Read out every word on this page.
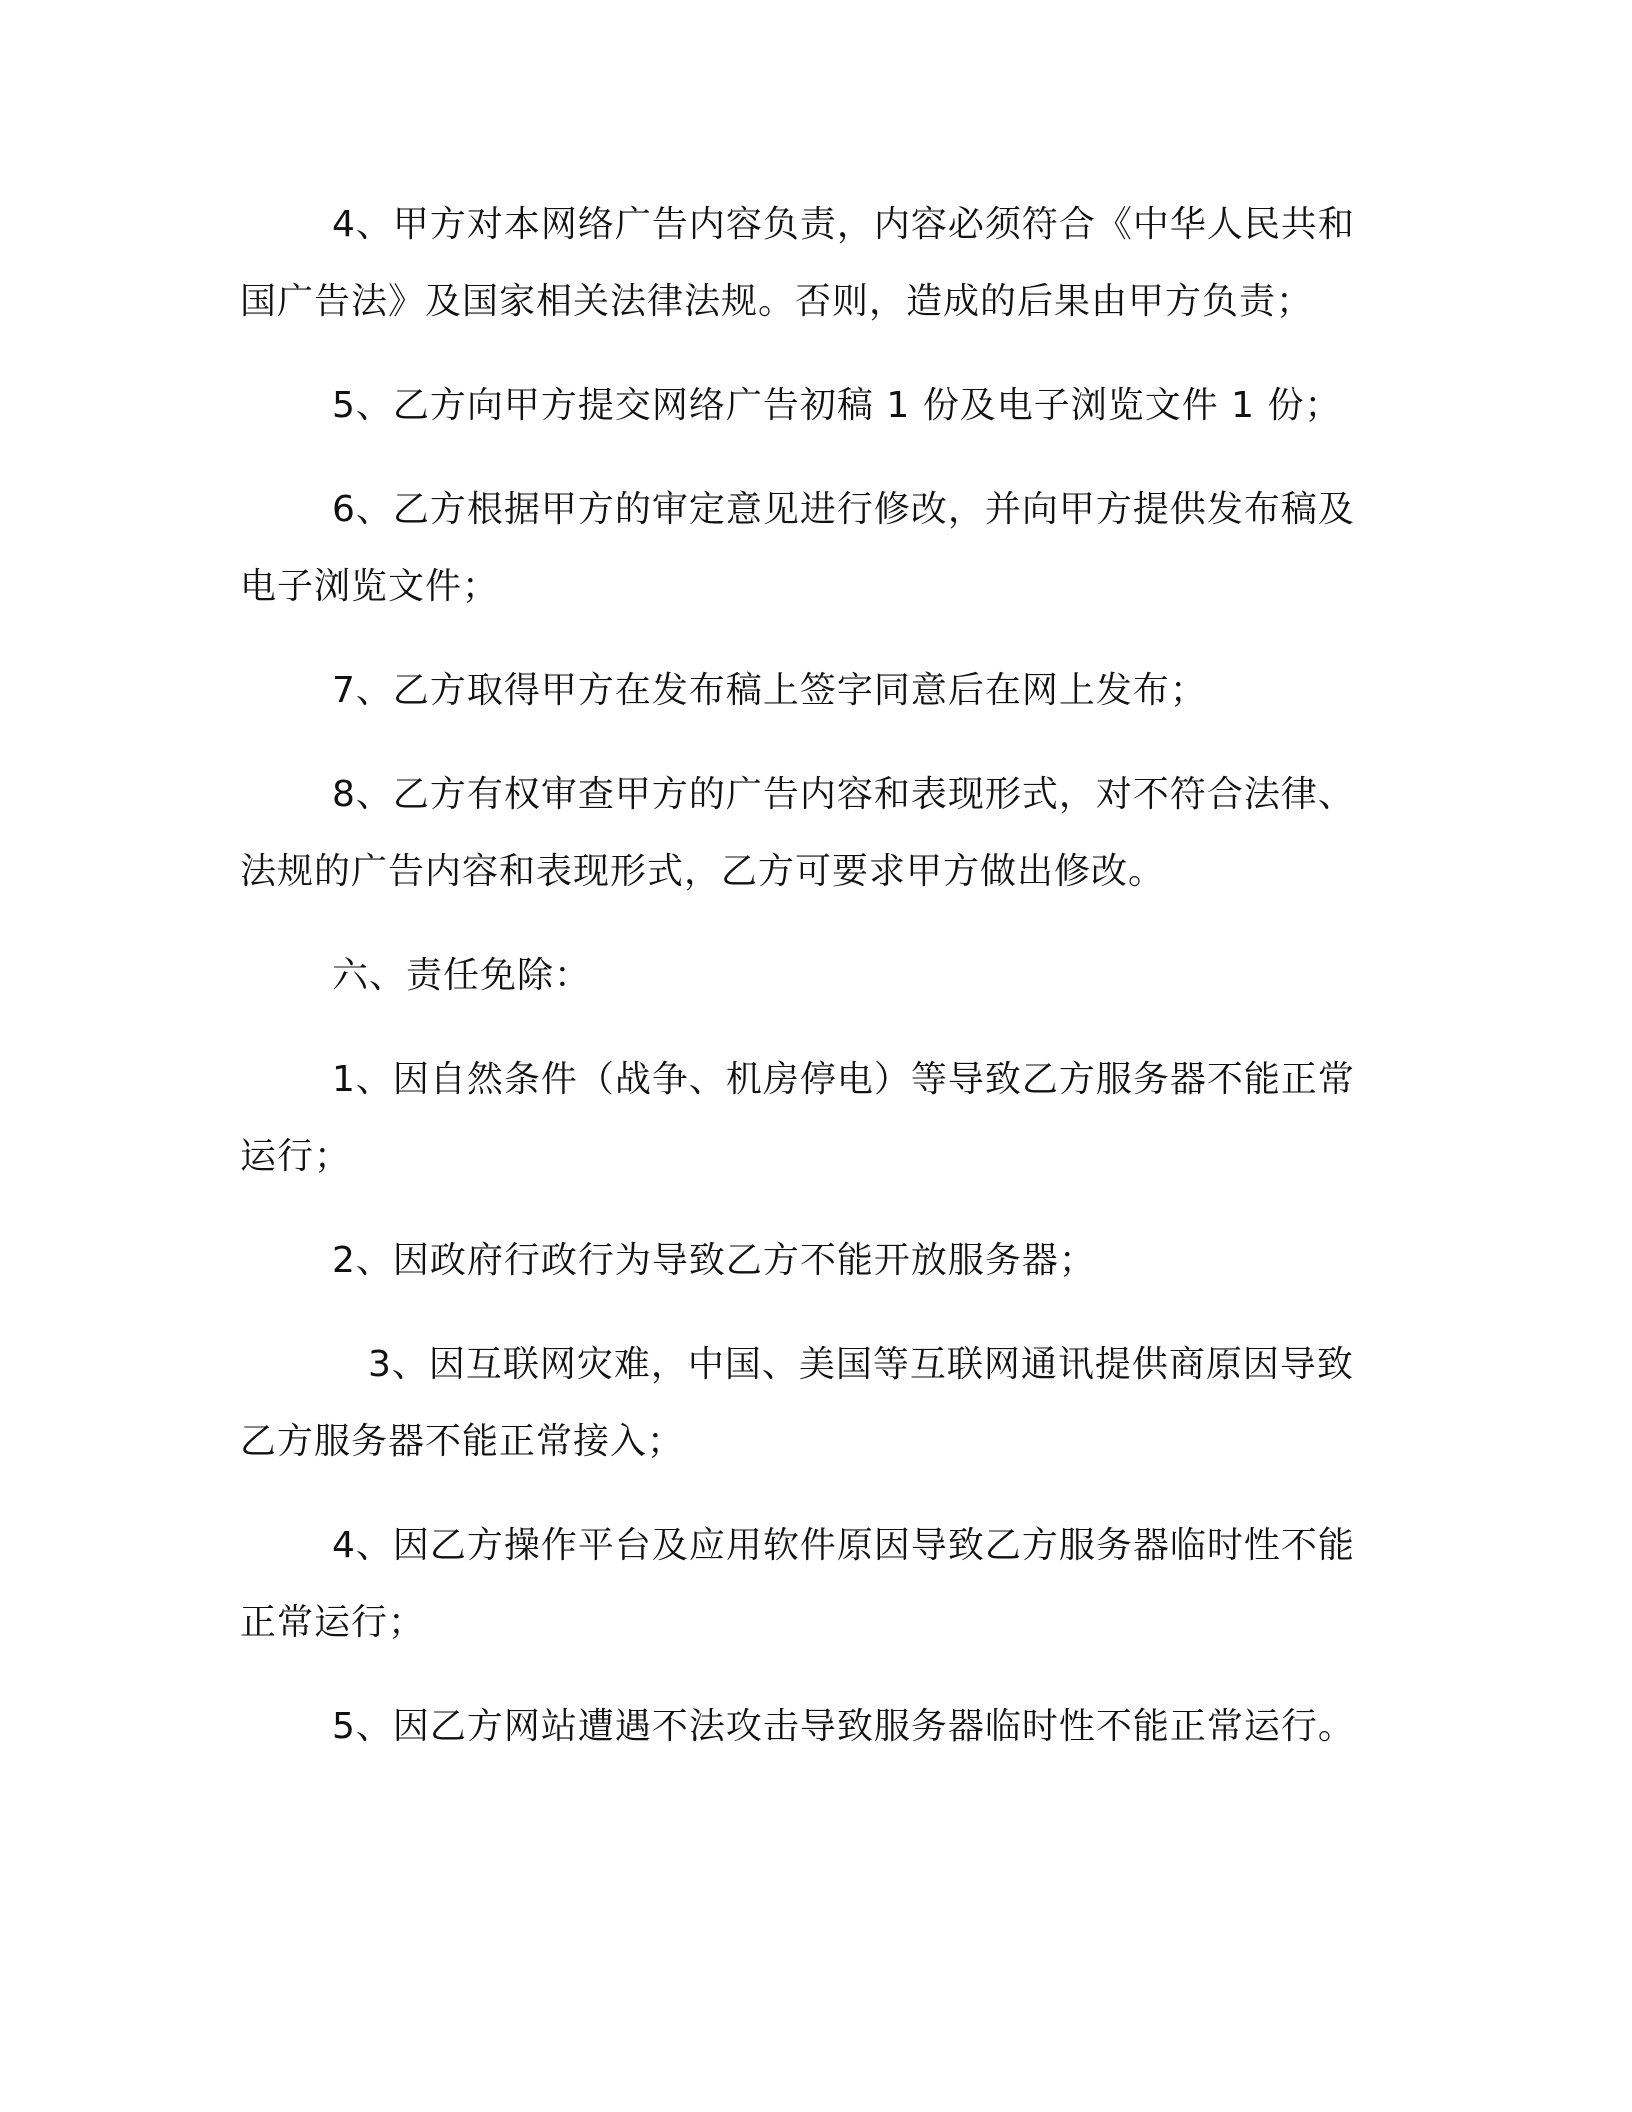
4、甲方对本网络广告内容负责，内容必须符合《中华人民共和国广告法》及国家相关法律法规。否则，造成的后果由甲方负责；

5、乙方向甲方提交网络广告初稿 1 份及电子浏览文件 1 份；

6、乙方根据甲方的审定意见进行修改，并向甲方提供发布稿及电子浏览文件；

7、乙方取得甲方在发布稿上签字同意后在网上发布；

8、乙方有权审查甲方的广告内容和表现形式，对不符合法律、法规的广告内容和表现形式，乙方可要求甲方做出修改。

六、责任免除：

1、因自然条件（战争、机房停电）等导致乙方服务器不能正常运行；

2、因政府行政行为导致乙方不能开放服务器；

3、因互联网灾难，中国、美国等互联网通讯提供商原因导致乙方服务器不能正常接入；

4、因乙方操作平台及应用软件原因导致乙方服务器临时性不能正常运行；

5、因乙方网站遭遇不法攻击导致服务器临时性不能正常运行。
